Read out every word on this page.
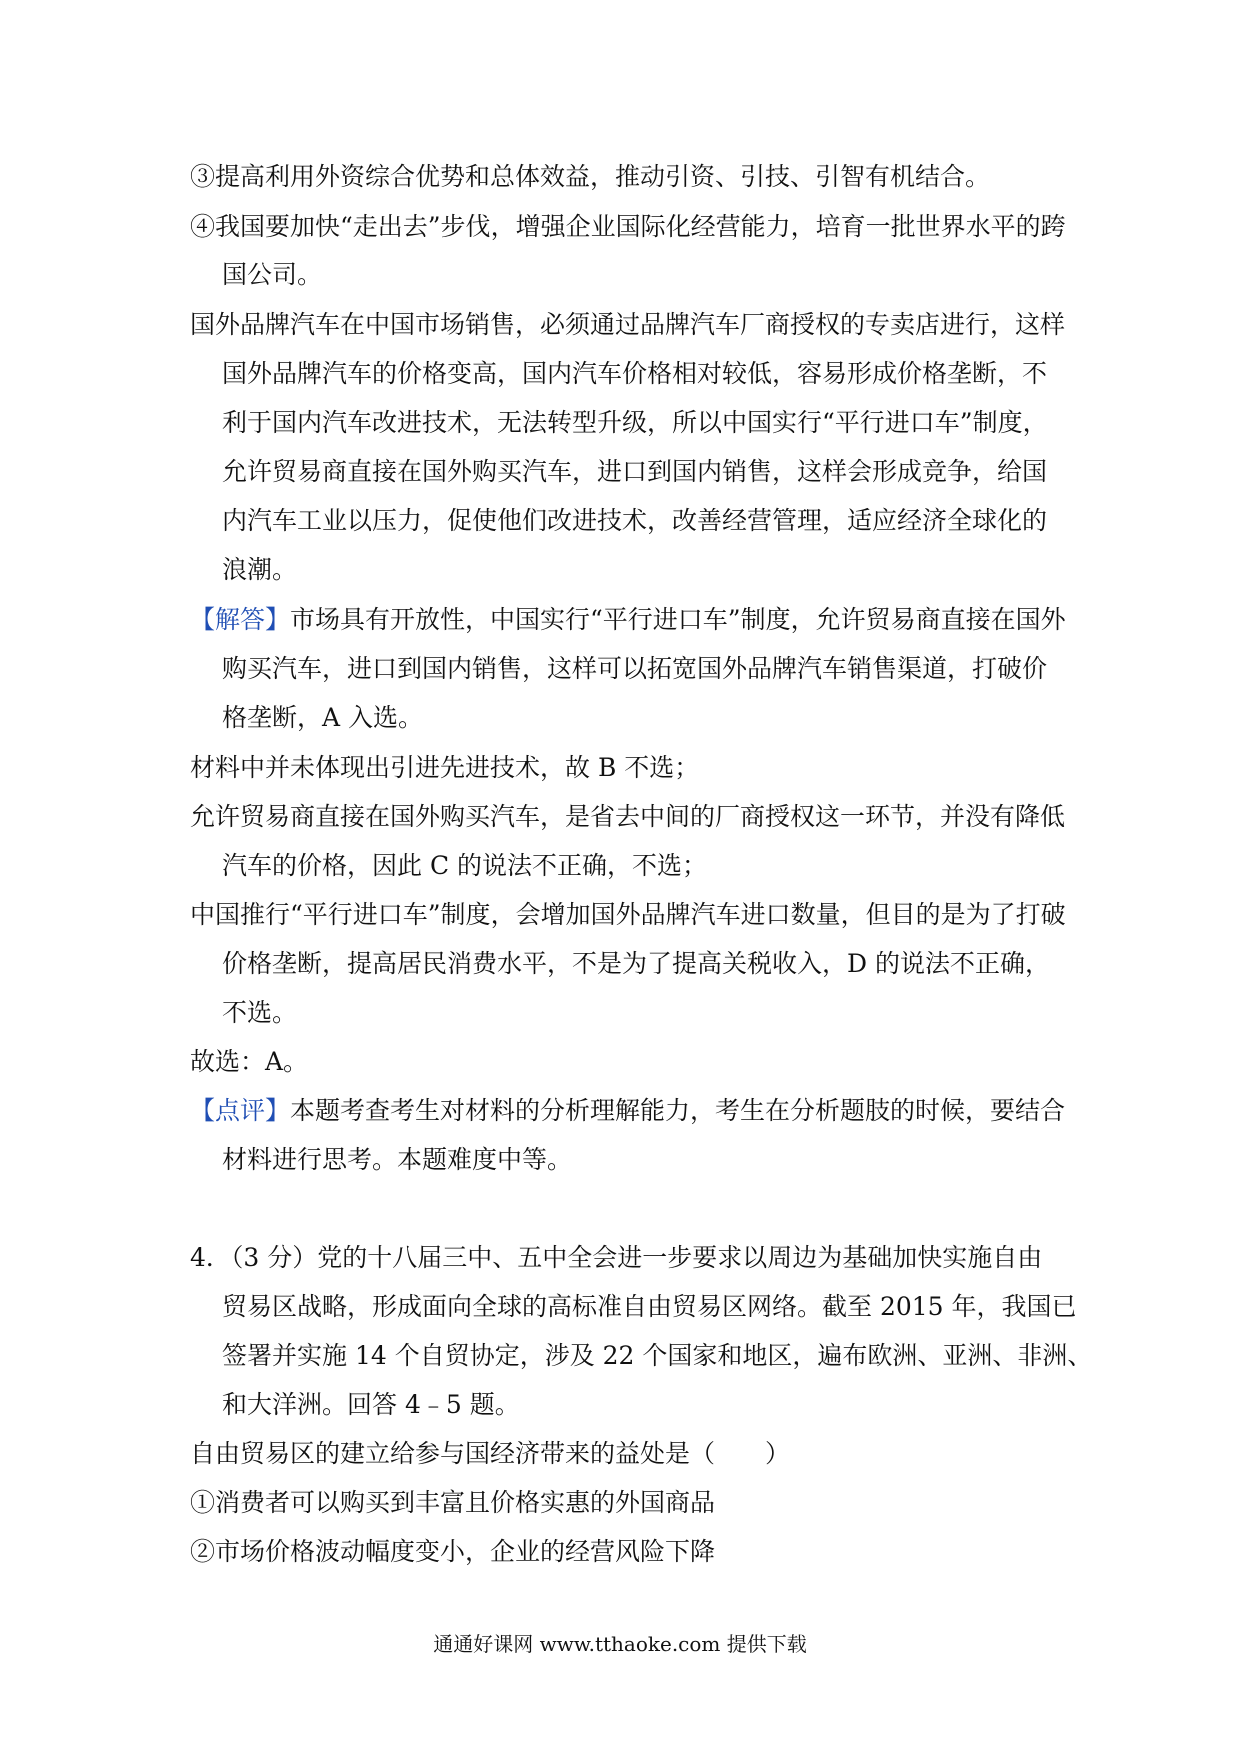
③提高利用外资综合优势和总体效益，推动引资、引技、引智有机结合。
④我国要加快“走出去”步伐，增强企业国际化经营能力，培育一批世界水平的跨
国公司。
国外品牌汽车在中国市场销售，必须通过品牌汽车厂商授权的专卖店进行，这样
国外品牌汽车的价格变高，国内汽车价格相对较低，容易形成价格垄断，不
利于国内汽车改进技术，无法转型升级，所以中国实行“平行进口车”制度，
允许贸易商直接在国外购买汽车，进口到国内销售，这样会形成竞争，给国
内汽车工业以压力，促使他们改进技术，改善经营管理，适应经济全球化的
浪潮。
【解答】市场具有开放性，中国实行“平行进口车”制度，允许贸易商直接在国外
购买汽车，进口到国内销售，这样可以拓宽国外品牌汽车销售渠道，打破价
格垄断，A 入选。
材料中并未体现出引进先进技术，故 B 不选；
允许贸易商直接在国外购买汽车，是省去中间的厂商授权这一环节，并没有降低
汽车的价格，因此 C 的说法不正确，不选；
中国推行“平行进口车”制度，会增加国外品牌汽车进口数量，但目的是为了打破
价格垄断，提高居民消费水平，不是为了提高关税收入，D 的说法不正确，
不选。
故选：A。
【点评】本题考查考生对材料的分析理解能力，考生在分析题肢的时候，要结合
材料进行思考。本题难度中等。
4．（3 分）党的十八届三中、五中全会进一步要求以周边为基础加快实施自由
贸易区战略，形成面向全球的高标准自由贸易区网络。截至 2015 年，我国已
签署并实施 14 个自贸协定，涉及 22 个国家和地区，遍布欧洲、亚洲、非洲、
和大洋洲。回答 4﹣5 题。
自由贸易区的建立给参与国经济带来的益处是（　　）
①消费者可以购买到丰富且价格实惠的外国商品
②市场价格波动幅度变小，企业的经营风险下降
通通好课网 www.tthaoke.com 提供下载
